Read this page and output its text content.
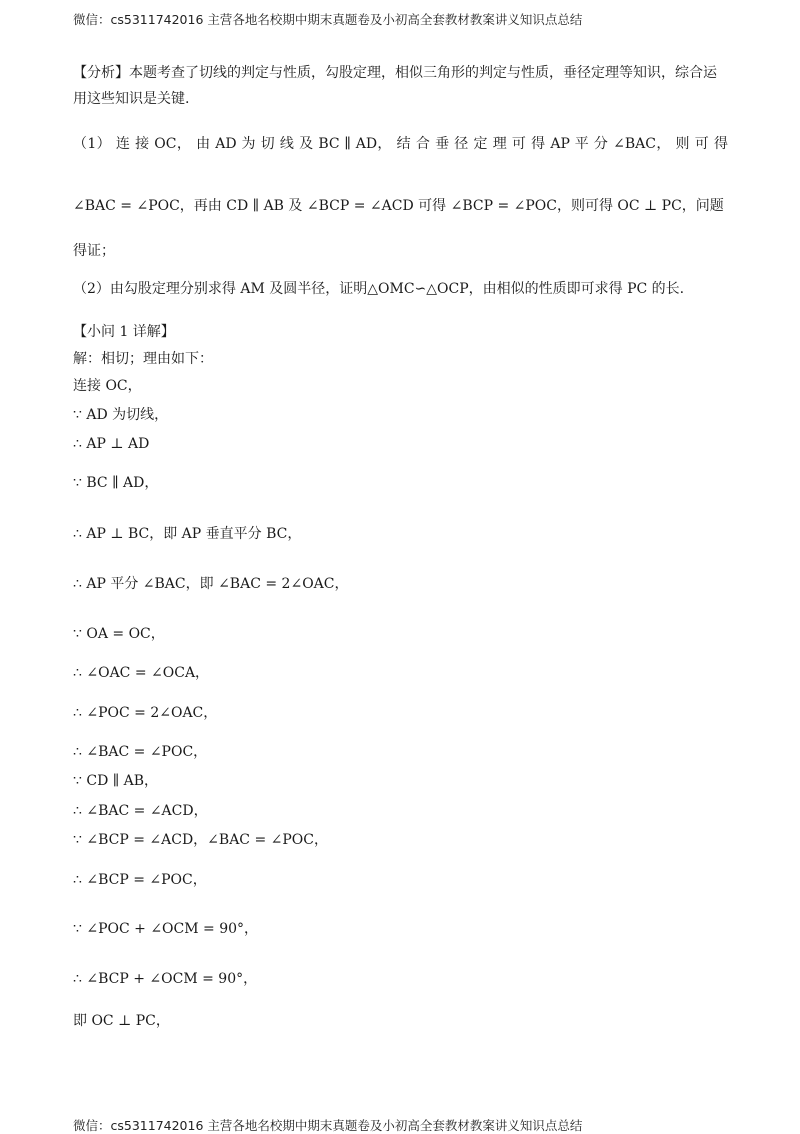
微信：cs5311742016 主营各地名校期中期末真题卷及小初高全套教材教案讲义知识点总结
【分析】本题考查了切线的判定与性质，勾股定理，相似三角形的判定与性质，垂径定理等知识，综合运用这些知识是关键.
（1） 连 接 OC， 由 AD 为 切 线 及 BC ∥ AD， 结 合 垂 径 定 理 可 得 AP 平 分 ∠BAC， 则 可 得
∠BAC = ∠POC，再由 CD ∥ AB 及 ∠BCP = ∠ACD 可得 ∠BCP = ∠POC，则可得 OC ⊥ PC，问题
得证；
（2）由勾股定理分别求得 AM 及圆半径，证明△OMC∽△OCP，由相似的性质即可求得 PC 的长.
【小问 1 详解】
解：相切；理由如下：
连接 OC，
∵ AD 为切线，
∴ AP ⊥ AD
∵ BC ∥ AD，
∴ AP ⊥ BC，即 AP 垂直平分 BC，
∴ AP 平分 ∠BAC，即 ∠BAC = 2∠OAC，
∵ OA = OC，
∴ ∠OAC = ∠OCA，
∴ ∠POC = 2∠OAC，
∴ ∠BAC = ∠POC，
∵ CD ∥ AB，
∴ ∠BAC = ∠ACD，
∵ ∠BCP = ∠ACD，∠BAC = ∠POC，
∴ ∠BCP = ∠POC，
∵ ∠POC + ∠OCM = 90°，
∴ ∠BCP + ∠OCM = 90°，
即 OC ⊥ PC，
微信：cs5311742016 主营各地名校期中期末真题卷及小初高全套教材教案讲义知识点总结
